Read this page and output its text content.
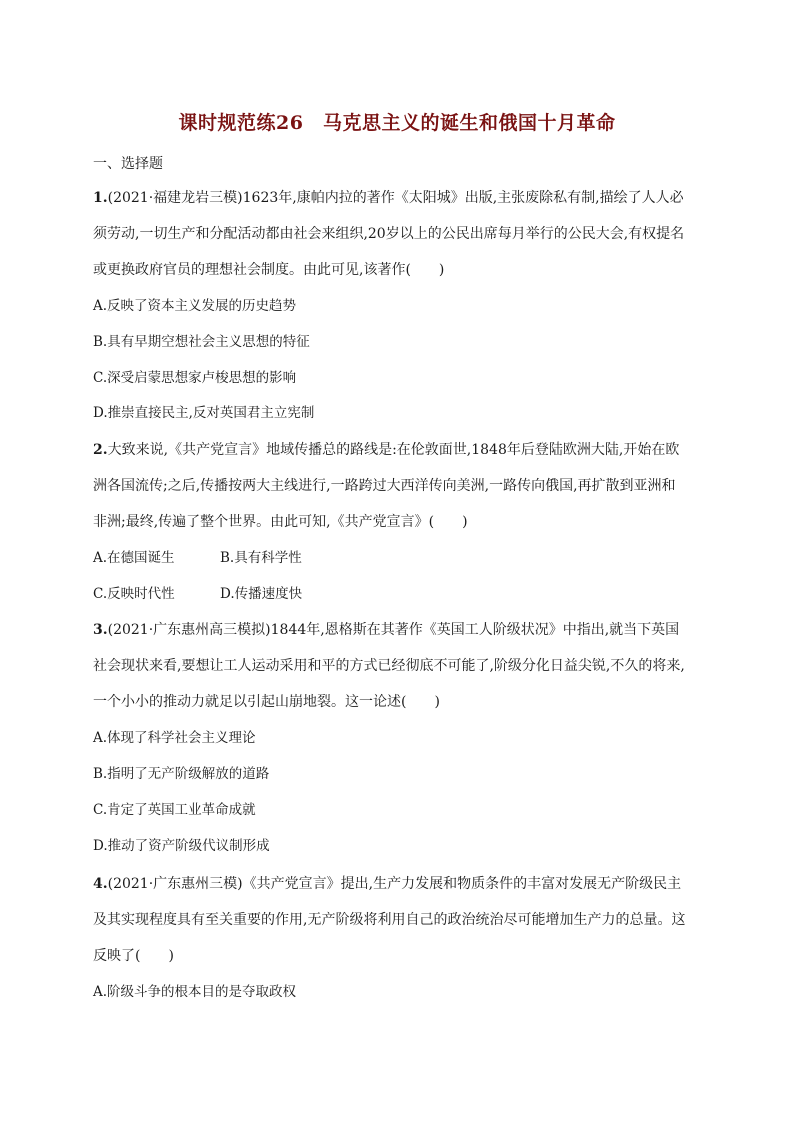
课时规范练26　马克思主义的诞生和俄国十月革命
一、选择题
1.(2021·福建龙岩三模)1623年,康帕内拉的著作《太阳城》出版,主张废除私有制,描绘了人人必
须劳动,一切生产和分配活动都由社会来组织,20岁以上的公民出席每月举行的公民大会,有权提名
或更换政府官员的理想社会制度。由此可见,该著作(　　)
A.反映了资本主义发展的历史趋势
B.具有早期空想社会主义思想的特征
C.深受启蒙思想家卢梭思想的影响
D.推崇直接民主,反对英国君主立宪制
2.大致来说,《共产党宣言》地域传播总的路线是:在伦敦面世,1848年后登陆欧洲大陆,开始在欧
洲各国流传;之后,传播按两大主线进行,一路跨过大西洋传向美洲,一路传向俄国,再扩散到亚洲和
非洲;最终,传遍了整个世界。由此可知,《共产党宣言》(　　)
A.在德国诞生	B.具有科学性
C.反映时代性	D.传播速度快
3.(2021·广东惠州高三模拟)1844年,恩格斯在其著作《英国工人阶级状况》中指出,就当下英国
社会现状来看,要想让工人运动采用和平的方式已经彻底不可能了,阶级分化日益尖锐,不久的将来,
一个小小的推动力就足以引起山崩地裂。这一论述(　　)
A.体现了科学社会主义理论
B.指明了无产阶级解放的道路
C.肯定了英国工业革命成就
D.推动了资产阶级代议制形成
4.(2021·广东惠州三模)《共产党宣言》提出,生产力发展和物质条件的丰富对发展无产阶级民主
及其实现程度具有至关重要的作用,无产阶级将利用自己的政治统治尽可能增加生产力的总量。这
反映了(　　)
A.阶级斗争的根本目的是夺取政权
